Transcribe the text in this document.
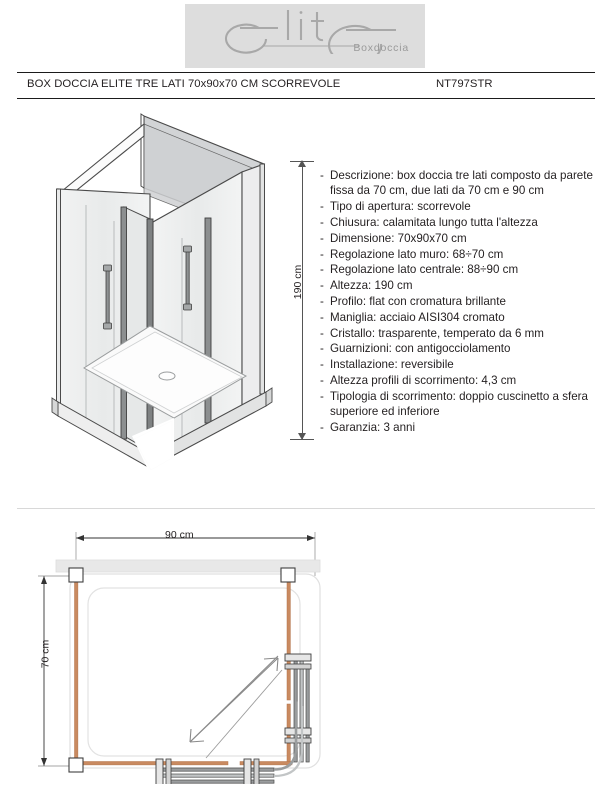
Boxdoccia
BOX DOCCIA ELITE TRE LATI 70x90x70 CM SCORREVOLE	NT797STR
190 cm
- Descrizione: box doccia tre lati composto da parete fissa da 70 cm, due lati da 70 cm e 90 cm
- Tipo di apertura: scorrevole
- Chiusura: calamitata lungo tutta l'altezza
- Dimensione: 70x90x70 cm
- Regolazione lato muro: 68÷70 cm
- Regolazione lato centrale: 88÷90 cm
- Altezza: 190 cm
- Profilo: flat con cromatura brillante
- Maniglia: acciaio AISI304 cromato
- Cristallo: trasparente, temperato da 6 mm
- Guarnizioni: con antigocciolamento
- Installazione: reversibile
- Altezza profili di scorrimento: 4,3 cm
- Tipologia di scorrimento: doppio cuscinetto a sfera superiore ed inferiore
- Garanzia: 3 anni
90 cm
70 cm
